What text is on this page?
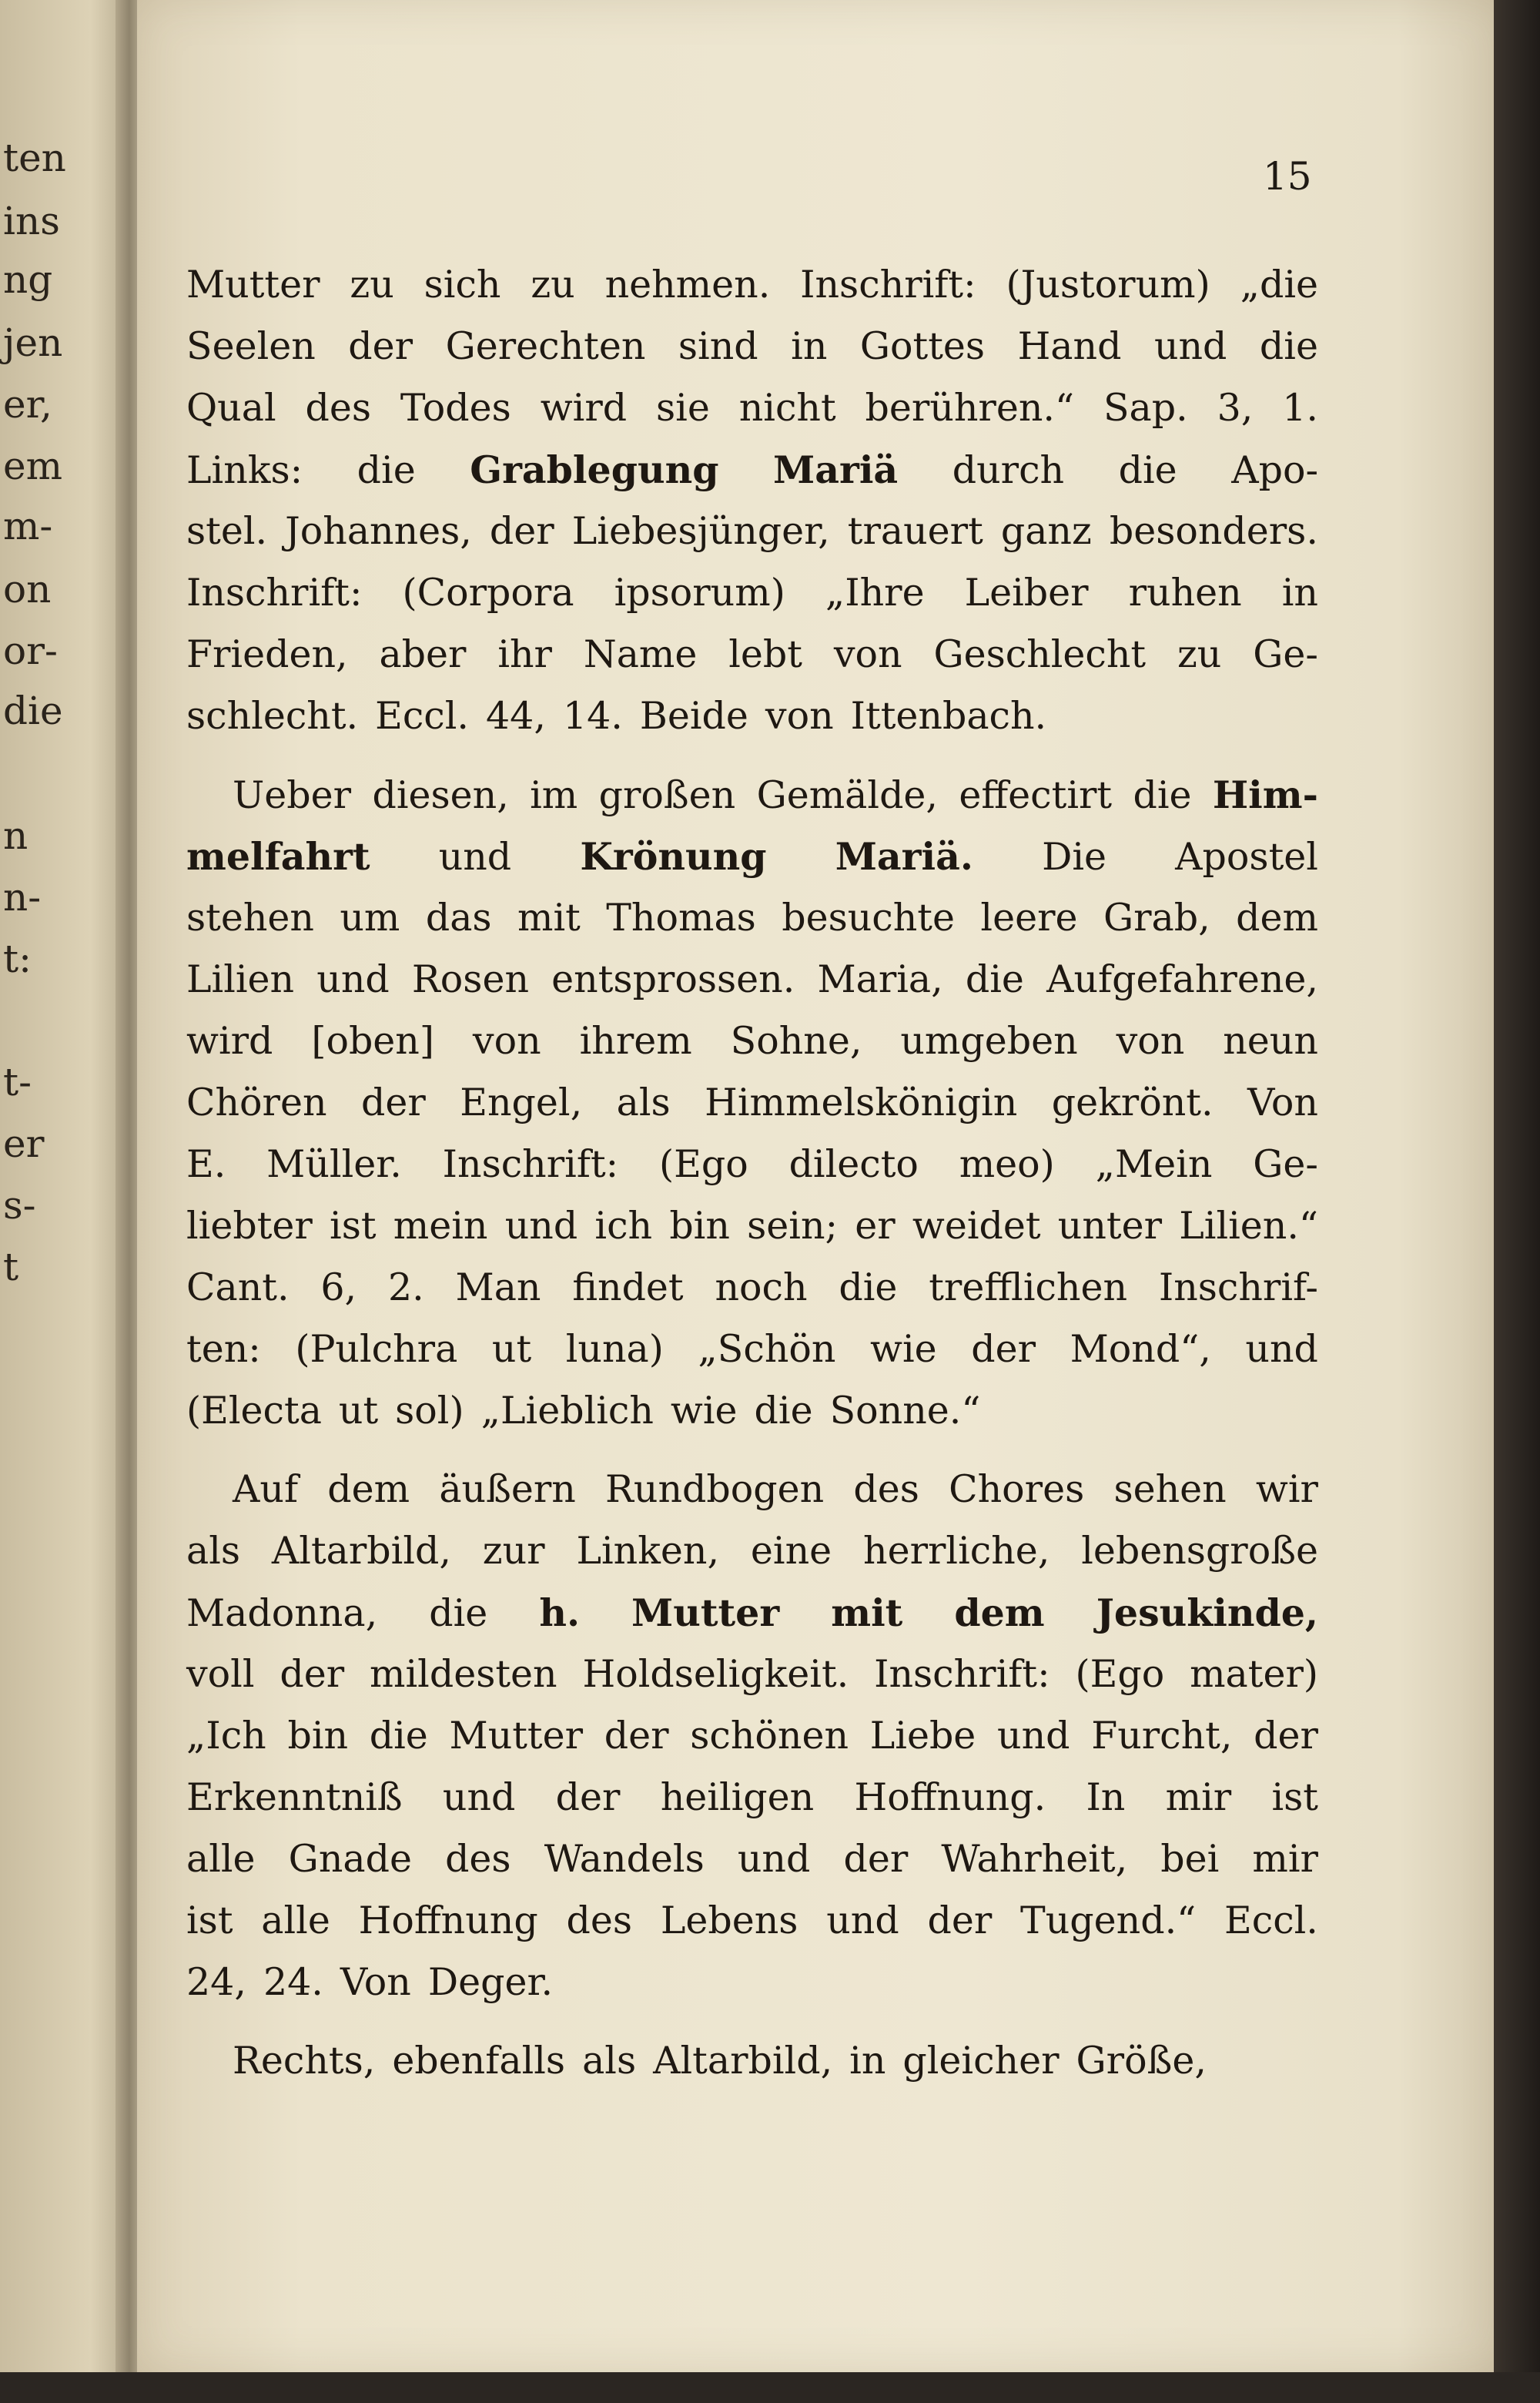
ten
ins
ng
jen
er,
em
m-
on
or-
die
n
n-
t:
t-
er
s-
t
15
Mutter zu sich zu nehmen. Inschrift: (Justorum) „die
Seelen der Gerechten sind in Gottes Hand und die
Qual des Todes wird sie nicht berühren.“ Sap. 3, 1.
Links: die Grablegung Mariä durch die Apo-
stel. Johannes, der Liebesjünger, trauert ganz besonders.
Inschrift: (Corpora ipsorum) „Ihre Leiber ruhen in
Frieden, aber ihr Name lebt von Geschlecht zu Ge-
schlecht. Eccl. 44, 14. Beide von Ittenbach.
Ueber diesen, im großen Gemälde, effectirt die Him-
melfahrt und Krönung Mariä. Die Apostel
stehen um das mit Thomas besuchte leere Grab, dem
Lilien und Rosen entsprossen. Maria, die Aufgefahrene,
wird [oben] von ihrem Sohne, umgeben von neun
Chören der Engel, als Himmelskönigin gekrönt. Von
E. Müller. Inschrift: (Ego dilecto meo) „Mein Ge-
liebter ist mein und ich bin sein; er weidet unter Lilien.“
Cant. 6, 2. Man findet noch die trefflichen Inschrif-
ten: (Pulchra ut luna) „Schön wie der Mond“, und
(Electa ut sol) „Lieblich wie die Sonne.“
Auf dem äußern Rundbogen des Chores sehen wir
als Altarbild, zur Linken, eine herrliche, lebensgroße
Madonna, die h. Mutter mit dem Jesukinde,
voll der mildesten Holdseligkeit. Inschrift: (Ego mater)
„Ich bin die Mutter der schönen Liebe und Furcht, der
Erkenntniß und der heiligen Hoffnung. In mir ist
alle Gnade des Wandels und der Wahrheit, bei mir
ist alle Hoffnung des Lebens und der Tugend.“ Eccl.
24, 24. Von Deger.
Rechts, ebenfalls als Altarbild, in gleicher Größe,
